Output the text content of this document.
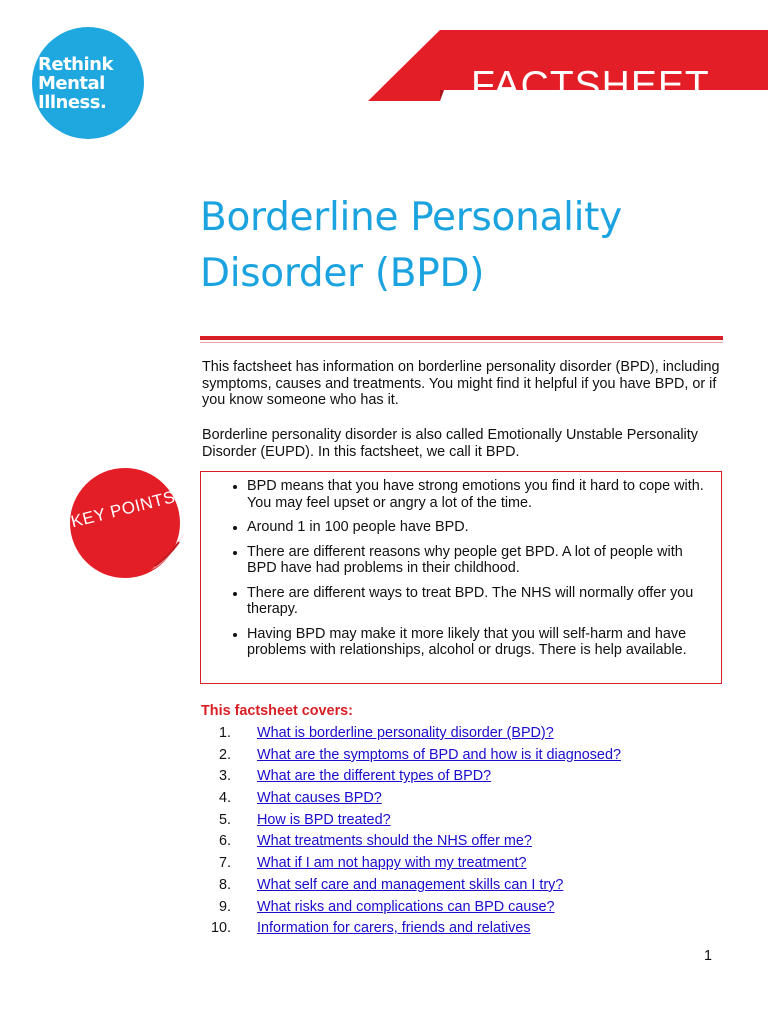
Rethink
Mental
Illness.	FACTSHEET
Borderline Personality
Disorder (BPD)

This factsheet has information on borderline personality disorder (BPD), including symptoms, causes and treatments. You might find it helpful if you have BPD, or if you know someone who has it.

Borderline personality disorder is also called Emotionally Unstable Personality Disorder (EUPD). In this factsheet, we call it BPD.

KEY POINTS
• BPD means that you have strong emotions you find it hard to cope with. You may feel upset or angry a lot of the time.
• Around 1 in 100 people have BPD.
• There are different reasons why people get BPD. A lot of people with BPD have had problems in their childhood.
• There are different ways to treat BPD. The NHS will normally offer you therapy.
• Having BPD may make it more likely that you will self-harm and have problems with relationships, alcohol or drugs. There is help available.
This factsheet covers:
1.	What is borderline personality disorder (BPD)?
2.	What are the symptoms of BPD and how is it diagnosed?
3.	What are the different types of BPD?
4.	What causes BPD?
5.	How is BPD treated?
6.	What treatments should the NHS offer me?
7.	What if I am not happy with my treatment?
8.	What self care and management skills can I try?
9.	What risks and complications can BPD cause?
10.	Information for carers, friends and relatives
1
